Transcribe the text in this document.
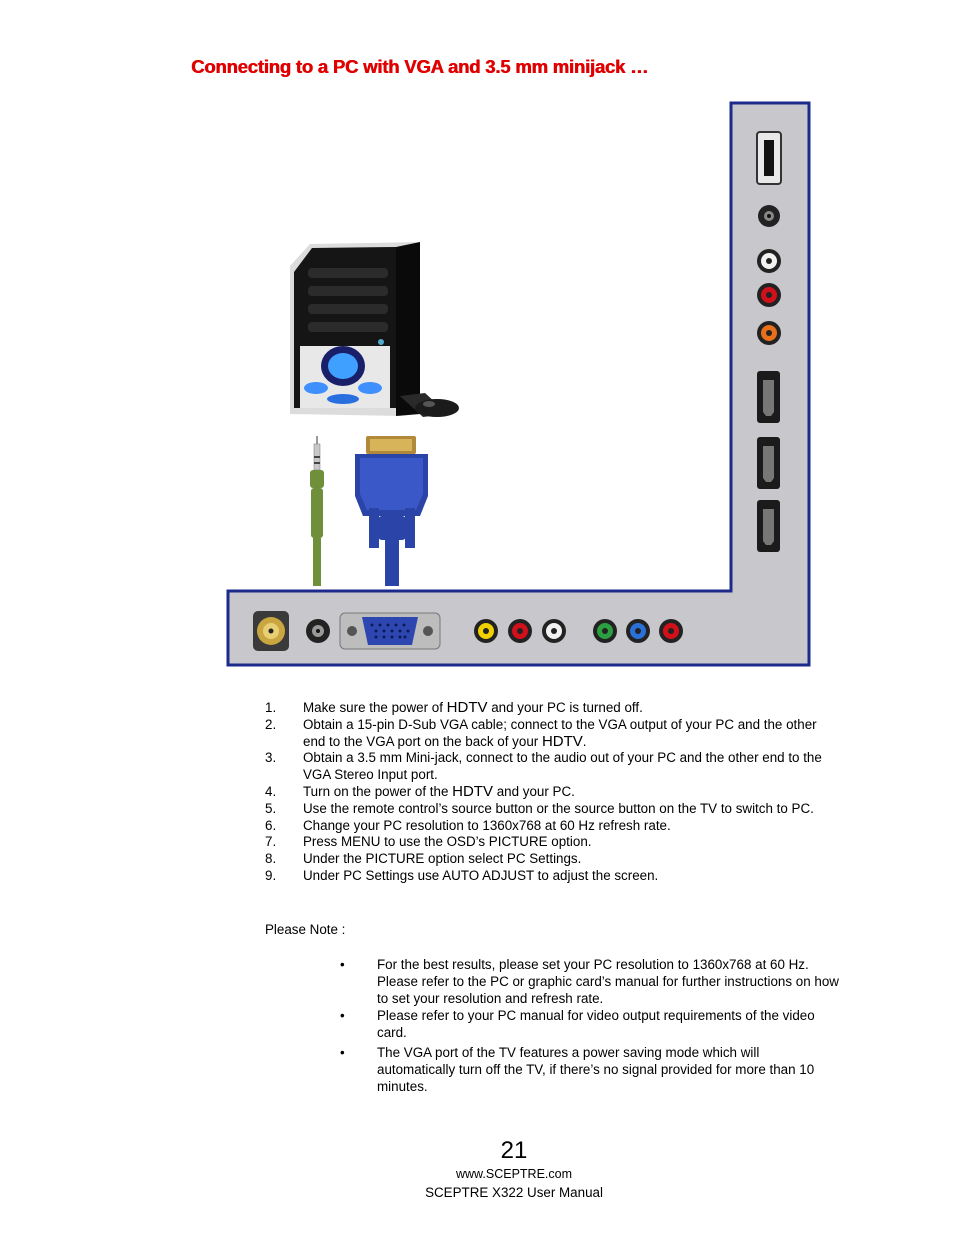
Connecting to a PC with VGA and 3.5 mm minijack …
1. Make sure the power of HDTV and your PC is turned off.
2. Obtain a 15-pin D-Sub VGA cable; connect to the VGA output of your PC and the other end to the VGA port on the back of your HDTV.
3. Obtain a 3.5 mm Mini-jack, connect to the audio out of your PC and the other end to the VGA Stereo Input port.
4. Turn on the power of the HDTV and your PC.
5. Use the remote control’s source button or the source button on the TV to switch to PC.
6. Change your PC resolution to 1360x768 at 60 Hz refresh rate.
7. Press MENU to use the OSD’s PICTURE option.
8. Under the PICTURE option select PC Settings.
9. Under PC Settings use AUTO ADJUST to adjust the screen.
Please Note :
• For the best results, please set your PC resolution to 1360x768 at 60 Hz. Please refer to the PC or graphic card’s manual for further instructions on how to set your resolution and refresh rate.
• Please refer to your PC manual for video output requirements of the video card.
• The VGA port of the TV features a power saving mode which will automatically turn off the TV, if there’s no signal provided for more than 10 minutes.
21
www.SCEPTRE.com
SCEPTRE X322 User Manual
